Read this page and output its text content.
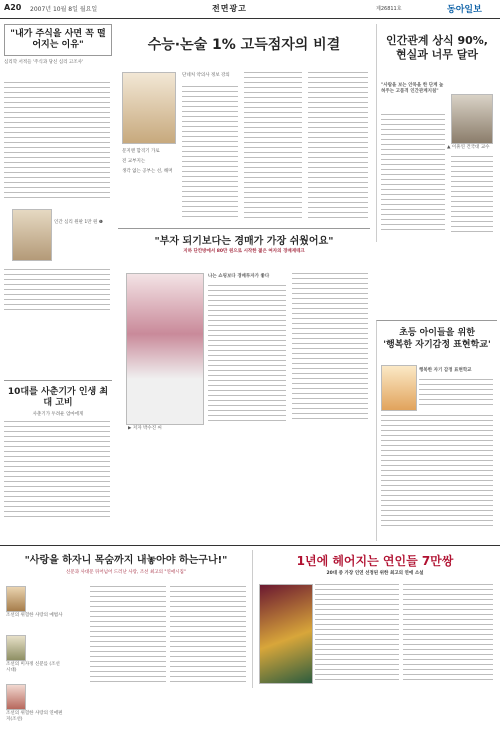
A20 2007년 10월 8일 월요일	전면광고	제26811호	동아일보
"내가 주식을 사면 꼭 떨어지는 이유"
심리학 서적들 '주식과 당신 심리 고조사'
인간 심리 원판 1만 원 ❶
10대를 사춘기가 인생 최대 고비
사춘기가 두려운 엄마에게
수능·논술 1% 고득점자의 비결
문지맨 합격기 가로
전 교부지는
생각 없는 공부는 선, 해머
단네처 약의사 정보 강의
인간관계 상식 90%,
현실과 너무 달라
"사람을 보는 안목을 한 단계 높혀주는 고품격 인간관계지침"
▲ 이휴연 건국대 교수
"부자 되기보다는 경매가 가장 쉬웠어요"
지하 단칸방에서 80만 원으로 시작한 젊은 여자의 경매재테크
▶ 저자 박수진 씨
나는 쇼핑보다 경매투자가 좋다
초등 아이들을 위한
'행복한 자기감정 표현학교'
행복한 자기 감정 표현학교
"사랑을 하자니 목숨까지 내놓아야 하는구나!"
신문과 사대문 뒤어넘어 드러난 사랑, 조선 최고의 "연애시집"
조선의 위험한 사랑의 예법사
조선의 미자정 신분를 (조선시대)
조선의 위험한 사랑의 연애편지(조선)
1년에 헤어지는 연인들 7만쌍
20대 중 가장 인연 선정된 위한 최고의 연애 소설
